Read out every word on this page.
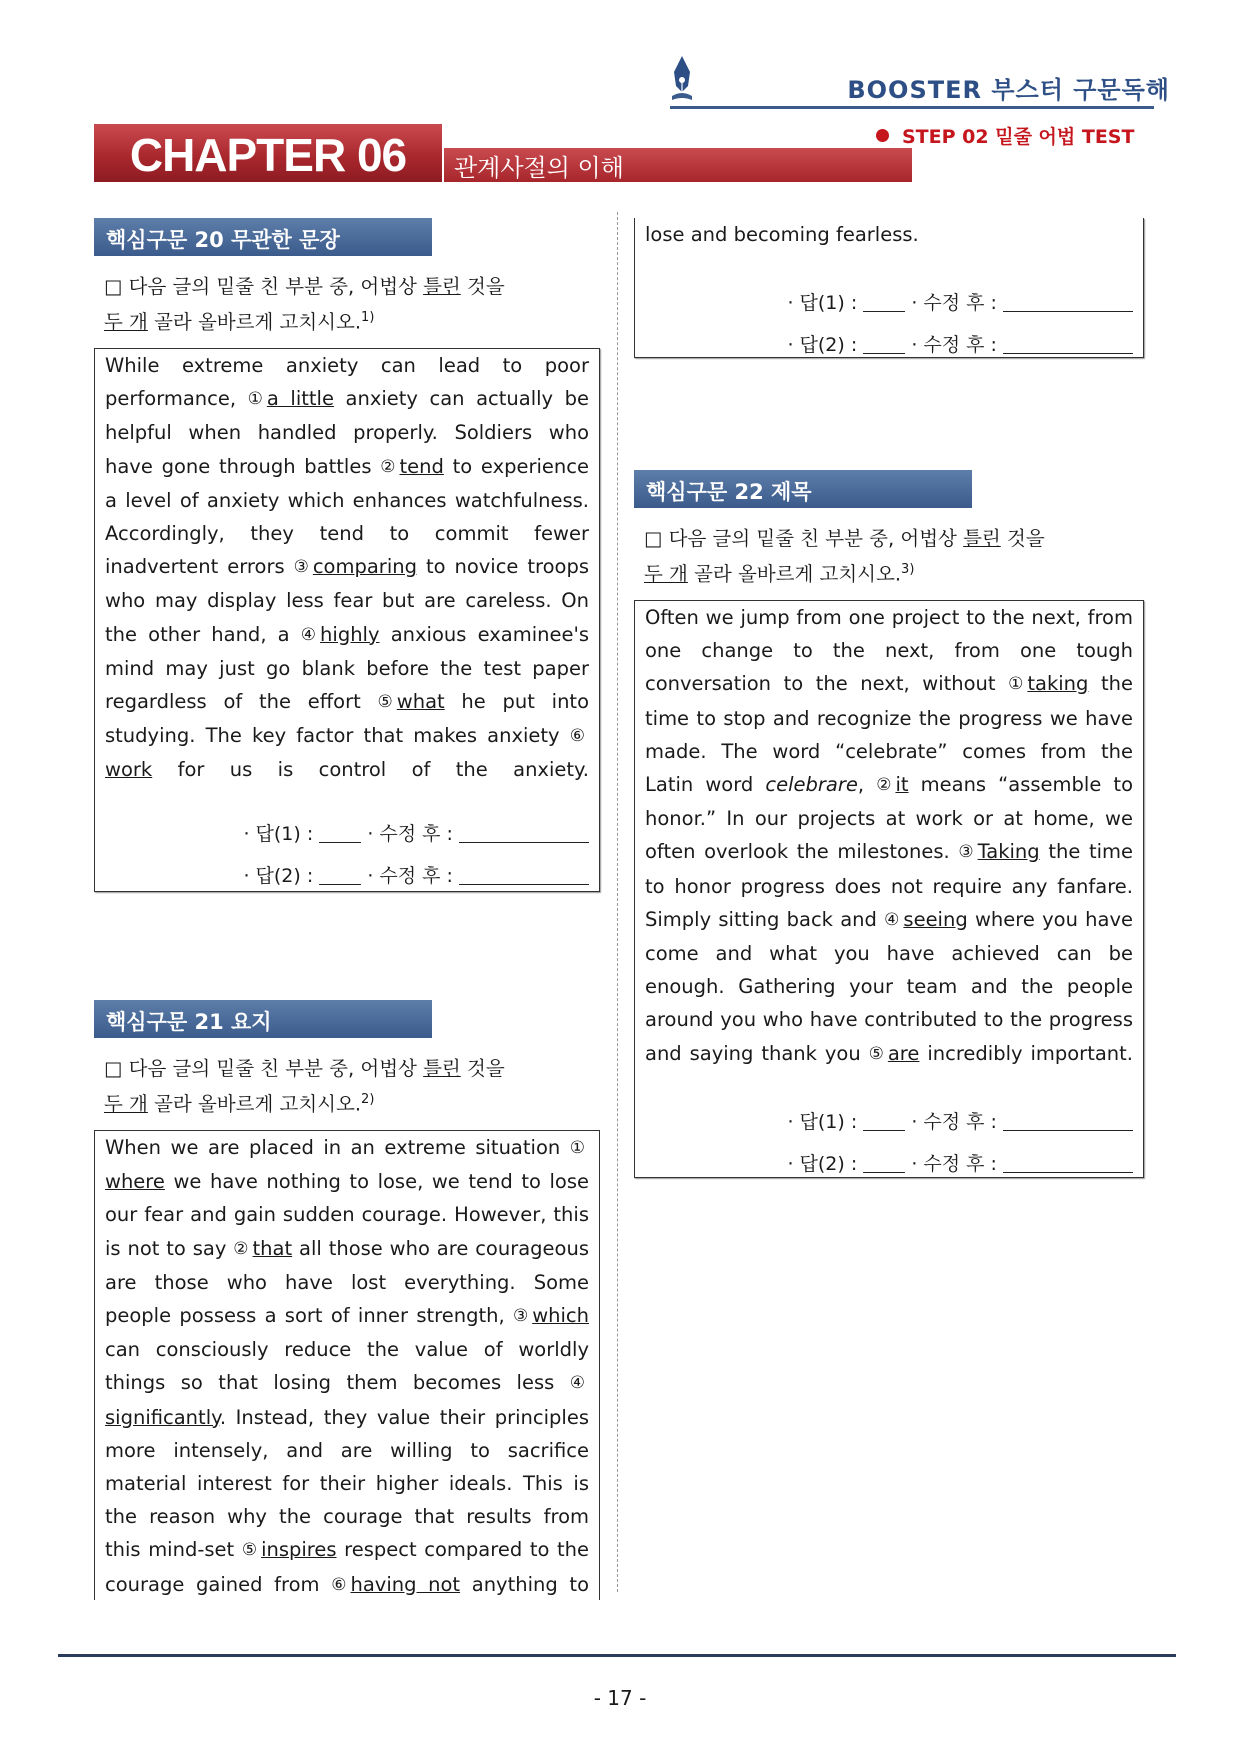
BOOSTER 부스터 구문독해
STEP 02 밑줄 어법 TEST
CHAPTER 06	관계사절의 이해
핵심구문 20 무관한 문장
□ 다음 글의 밑줄 친 부분 중, 어법상 틀린 것을
두 개 골라 올바르게 고치시오.$^{1)}$
While extreme anxiety can lead to poor performance, ① a little anxiety can actually be helpful when handled properly. Soldiers who have gone through battles ② tend to experience a level of anxiety which enhances watchfulness. Accordingly, they tend to commit fewer inadvertent errors ③ comparing to novice troops who may display less fear but are careless. On the other hand, a ④ highly anxious examinee's mind may just go blank before the test paper regardless of the effort ⑤ what he put into studying. The key factor that makes anxiety ⑥work for us is control of the anxiety.
· 답(1) :	· 수정 후 :
· 답(2) :	· 수정 후 :
핵심구문 21 요지
□ 다음 글의 밑줄 친 부분 중, 어법상 틀린 것을
두 개 골라 올바르게 고치시오.$^{2)}$
When we are placed in an extreme situation ①where we have nothing to lose, we tend to lose our fear and gain sudden courage. However, this is not to say ② that all those who are courageous are those who have lost everything. Some people possess a sort of inner strength, ③ which can consciously reduce the value of worldly things so that losing them becomes less ④significantly. Instead, they value their principles more intensely, and are willing to sacrifice material interest for their higher ideals. This is the reason why the courage that results from this mind-set ⑤ inspires respect compared to the courage gained from ⑥ having not anything to
lose and becoming fearless.
· 답(1) :	· 수정 후 :
· 답(2) :	· 수정 후 :
핵심구문 22 제목
□ 다음 글의 밑줄 친 부분 중, 어법상 틀린 것을
두 개 골라 올바르게 고치시오.$^{3)}$
Often we jump from one project to the next, from one change to the next, from one tough conversation to the next, without ① taking the time to stop and recognize the progress we have made. The word “celebrate” comes from the Latin word celebrare, ② it means “assemble to honor.” In our projects at work or at home, we often overlook the milestones. ③ Taking the time to honor progress does not require any fanfare. Simply sitting back and ④ seeing where you have come and what you have achieved can be enough. Gathering your team and the people around you who have contributed to the progress and saying thank you ⑤ are incredibly important.
· 답(1) :	· 수정 후 :
· 답(2) :	· 수정 후 :
- 17 -
